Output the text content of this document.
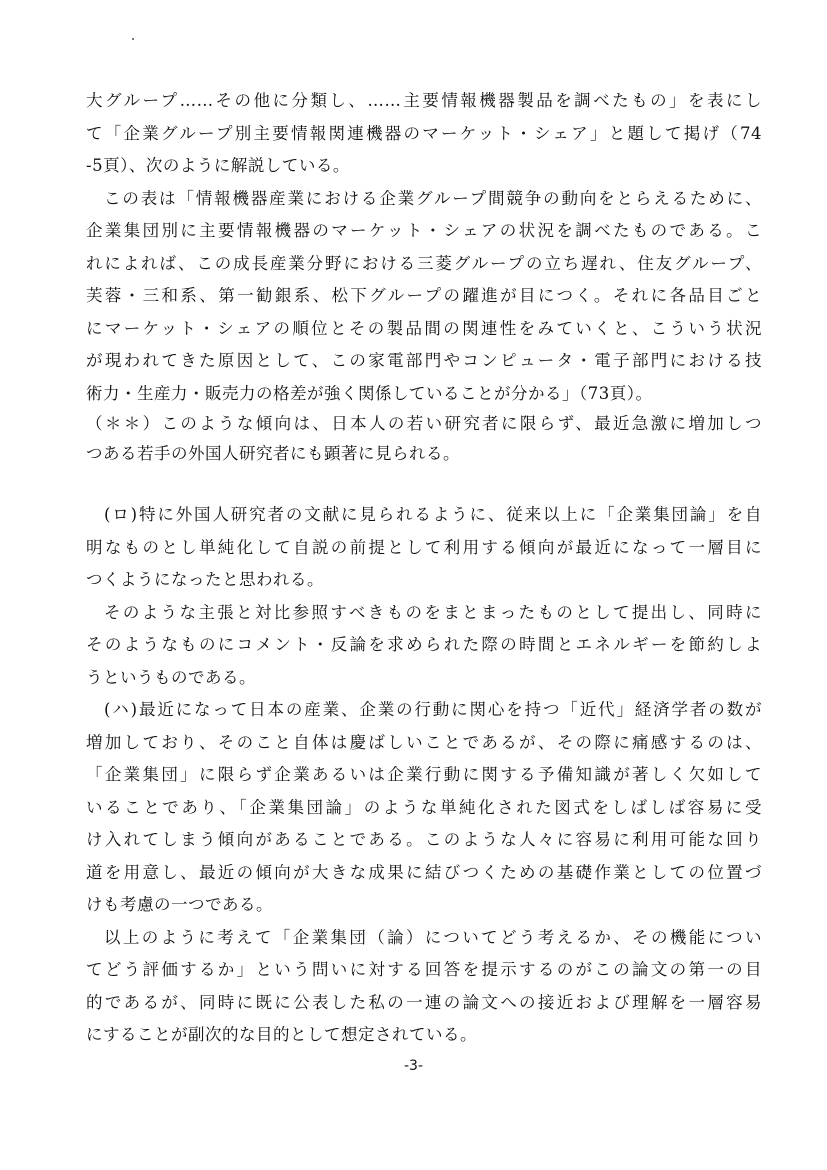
大グループ……その他に分類し、……主要情報機器製品を調べたもの」を表にし
て「企業グループ別主要情報関連機器のマーケット・シェア」と題して掲げ（74
-5頁）、次のように解説している。
この表は「情報機器産業における企業グループ間競争の動向をとらえるために、
企業集団別に主要情報機器のマーケット・シェアの状況を調べたものである。こ
れによれば、この成長産業分野における三菱グループの立ち遅れ、住友グループ、
芙蓉・三和系、第一勧銀系、松下グループの躍進が目につく。それに各品目ごと
にマーケット・シェアの順位とその製品間の関連性をみていくと、こういう状況
が現われてきた原因として、この家電部門やコンピュータ・電子部門における技
術力・生産力・販売力の格差が強く関係していることが分かる」（73頁）。
（＊＊）このような傾向は、日本人の若い研究者に限らず、最近急激に増加しつ
つある若手の外国人研究者にも顕著に見られる。
(ロ)特に外国人研究者の文献に見られるように、従来以上に「企業集団論」を自
明なものとし単純化して自説の前提として利用する傾向が最近になって一層目に
つくようになったと思われる。
そのような主張と対比参照すべきものをまとまったものとして提出し、同時に
そのようなものにコメント・反論を求められた際の時間とエネルギーを節約しよ
うというものである。
(ハ)最近になって日本の産業、企業の行動に関心を持つ「近代」経済学者の数が
増加しており、そのこと自体は慶ばしいことであるが、その際に痛感するのは、
「企業集団」に限らず企業あるいは企業行動に関する予備知識が著しく欠如して
いることであり、「企業集団論」のような単純化された図式をしばしば容易に受
け入れてしまう傾向があることである。このような人々に容易に利用可能な回り
道を用意し、最近の傾向が大きな成果に結びつくための基礎作業としての位置づ
けも考慮の一つである。
以上のように考えて「企業集団（論）についてどう考えるか、その機能につい
てどう評価するか」という問いに対する回答を提示するのがこの論文の第一の目
的であるが、同時に既に公表した私の一連の論文への接近および理解を一層容易
にすることが副次的な目的として想定されている。
-3-
